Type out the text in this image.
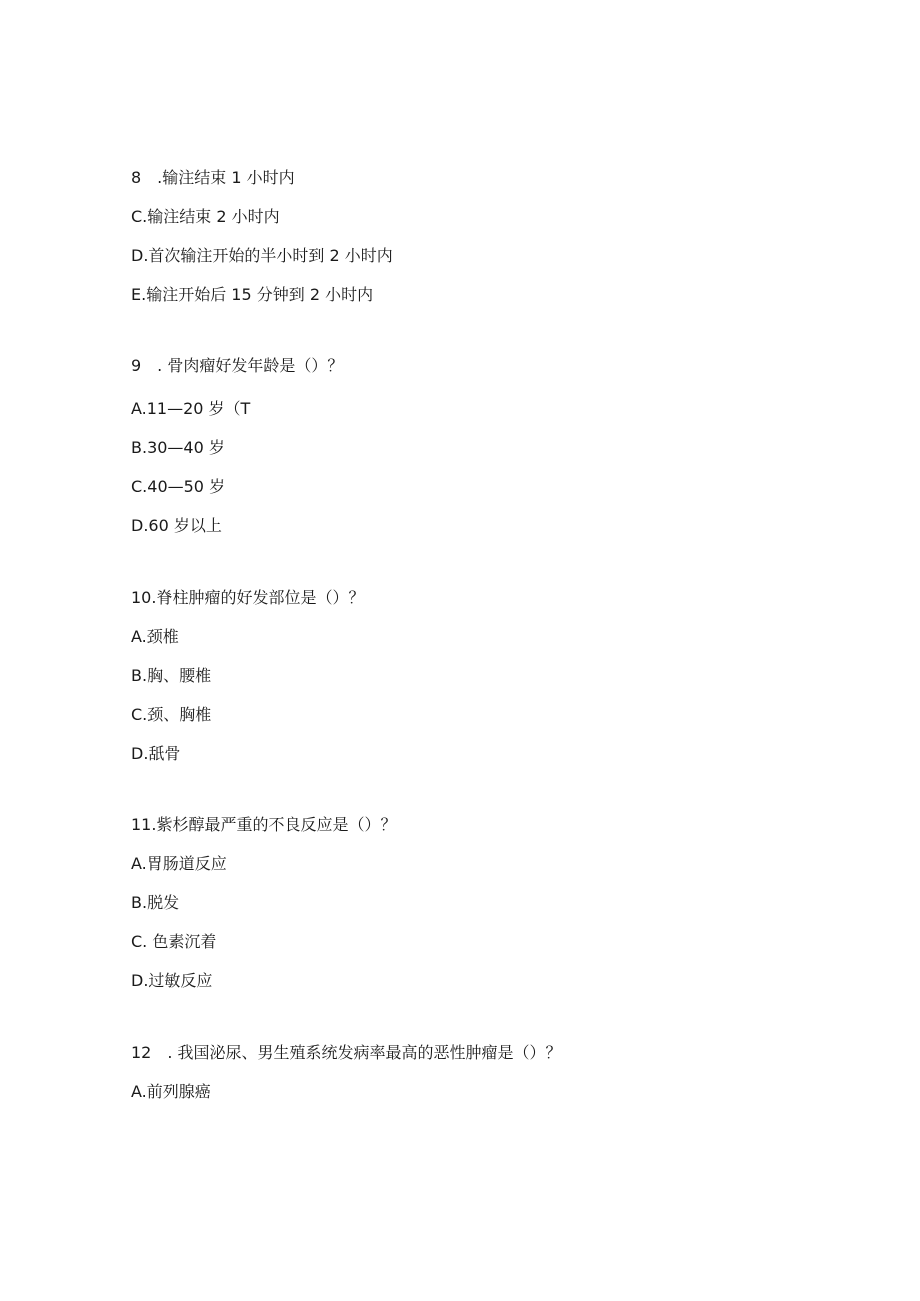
8　.输注结束 1 小时内
C.输注结束 2 小时内
D.首次输注开始的半小时到 2 小时内
E.输注开始后 15 分钟到 2 小时内
9　. 骨肉瘤好发年龄是（）？
A.11—20 岁（T
B.30—40 岁
C.40—50 岁
D.60 岁以上
10.脊柱肿瘤的好发部位是（）？
A.颈椎
B.胸、腰椎
C.颈、胸椎
D.舐骨
11.紫杉醇最严重的不良反应是（）？
A.胃肠道反应
B.脱发
C. 色素沉着
D.过敏反应
12　. 我国泌尿、男生殖系统发病率最高的恶性肿瘤是（）？
A.前列腺癌
